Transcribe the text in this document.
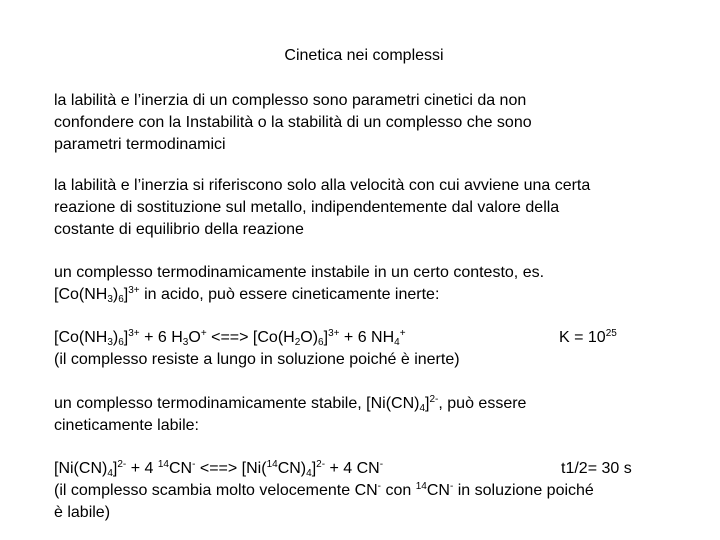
Cinetica nei complessi
la labilità e l’inerzia di un complesso sono parametri cinetici da non
confondere con la Instabilità o la stabilità di un complesso che sono
parametri termodinamici
la labilità e l’inerzia si riferiscono solo alla velocità con cui avviene una certa
reazione di sostituzione sul metallo, indipendentemente dal valore della
costante di equilibrio della reazione
un complesso termodinamicamente instabile in un certo contesto, es.
$[Co(NH_3)_6]^{3+}$ in acido, può essere cineticamente inerte:
$[Co(NH_3)_6]^{3+} + 6$ $H_3O^+$ <==> $[Co(H_2O)_6]^{3+} + 6$ $NH_4^+$
(il complesso resiste a lungo in soluzione poiché è inerte)
$K = 10^{25}$
un complesso termodinamicamente stabile, $[Ni(CN)_4]^{2-}$, può essere
cineticamente labile:
$[Ni(CN)_4]^{2-} + 4$ $^{14}$CN- <==> $[Ni(^{14}CN)_4]^{2-} + 4$ CN-
(il complesso scambia molto velocemente CN- con $^{14}$CN- in soluzione poiché
è labile)
t1/2= 30 s
